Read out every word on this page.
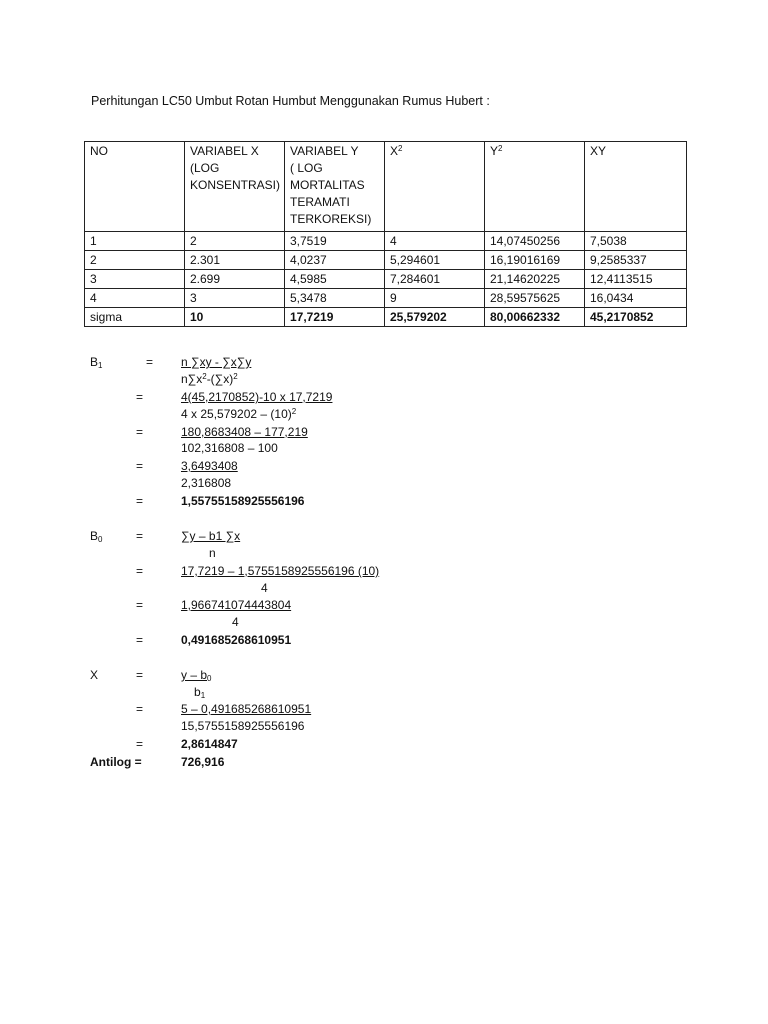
Perhitungan LC50 Umbut Rotan Humbut Menggunakan Rumus Hubert :
NO	VARIABEL X
(LOG
KONSENTRASI)	VARIABEL Y
( LOG
MORTALITAS
TERAMATI
TERKOREKSI)	$X^2$	$Y^2$	XY
1	2	3,7519	4	14,07450256	7,5038
2	2.301	4,0237	5,294601	16,19016169	9,2585337
3	2.699	4,5985	7,284601	21,14620225	12,4113515
4	3	5,3478	9	28,59575625	16,0434
sigma	10	17,7219	25,579202	80,00662332	45,2170852
$B_1$	= n ∑xy - ∑x∑y
$n\sum x^2-(\sum x)^2$
=	4(45,2170852)-10 x 17,7219
4 x $25,579202 - (10)^2$
=	180,8683408 – 177,219
102,316808 – 100
=	3,6493408
2,316808
=	1,55755158925556196
$B_0$	=	∑y – b1 ∑x
n
=	17,7219 – 1,5755158925556196 (10)
4
=	1,966741074443804
4
=	0,491685268610951
X	=	y – $b_0$
$b_1$
=	5 – 0,491685268610951
15,5755158925556196
=	2,8614847
Antilog =	726,916
